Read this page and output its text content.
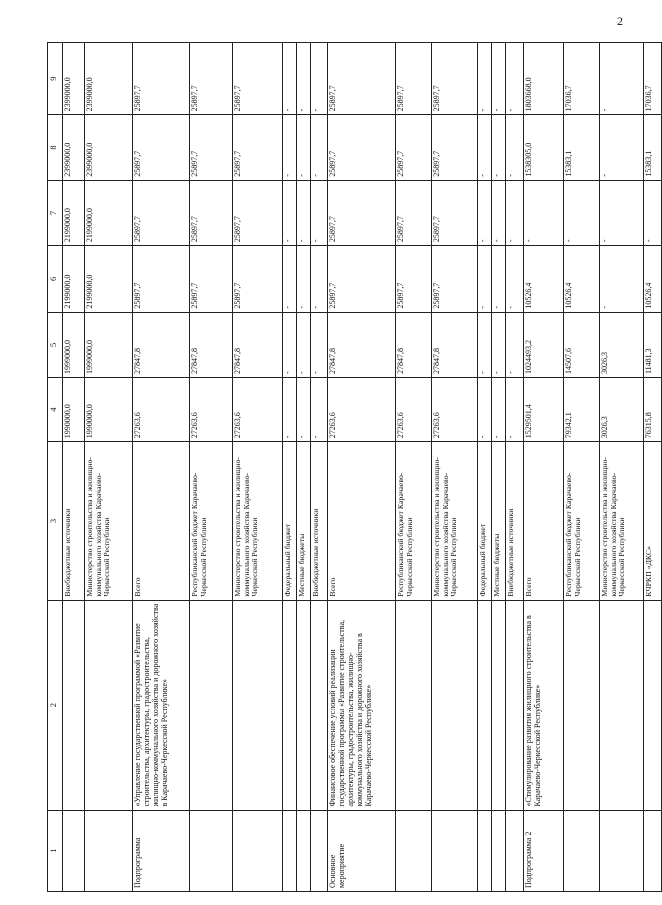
2
1	2	3	4	5	6	7	8	9
		Внебюджетные источники	1990000,0	1999000,0	2199000,0	2199000,0	2399000,0	2399000,0
		Министерство строительства и жилищно-коммунального хозяйства Карачаево-Черкесской Республики	1990000,0	1999000,0	2199000,0	2199000,0	2399000,0	2399000,0
Подпрограмма	«Управление государственной программой «Развитие строительства, архитектуры, градостроительства, жилищно-коммунального хозяйства и дорожного хозяйства в Карачаево-Черкесской Республике»	Всего	27263,6	27847,8	25897,7	25897,7	25897,7	25897,7
		Республиканский бюджет Карачаево-Черкесской Республики	27263,6	27847,8	25897,7	25897,7	25897,7	25897,7
		Министерство строительства и жилищно-коммунального хозяйства Карачаево-Черкесской Республики	27263,6	27847,8	25897,7	25897,7	25897,7	25897,7
		Федеральный бюджет	-	-	-	-	-	-
		Местные бюджеты	-	-	-	-	-	-
		Внебюджетные источники	-	-	-	-	-	-
Основное мероприятие	Финансовое обеспечение условий реализации государственной программы «Развитие строительства, архитектуры, градостроительства, жилищно-коммунального хозяйства и дорожного хозяйства в Карачаево-Черкесской Республике»	Всего	27263,6	27847,8	25897,7	25897,7	25897,7	25897,7
		Республиканский бюджет Карачаево-Черкесской Республики	27263,6	27847,8	25897,7	25897,7	25897,7	25897,7
		Министерство строительства и жилищно-коммунального хозяйства Карачаево-Черкесской Республики	27263,6	27847,8	25897,7	25897,7	25897,7	25897,7
		Федеральный бюджет	-	-	-	-	-	-
		Местные бюджеты	-	-	-	-	-	-
		Внебюджетные источники	-	-	-	-	-	-
Подпрограмма 2	«Стимулирование развития жилищного строительства в Карачаево-Черкесской Республике»	Всего	1529501,4	1024493,2	10526,4	-	1538305,0	1803668,0
		Республиканский бюджет Карачаево-Черкесской Республики	79342,1	14507,6	10526,4	-	15383,1	17036,7
		Министерство строительства и жилищно-коммунального хозяйства Карачаево-Черкесской Республики	3026,3	3026,3	-	-	-	-
		КЧРКП «ДКС»	76315,8	11481,3	10526,4	-	15383,1	17036,7
